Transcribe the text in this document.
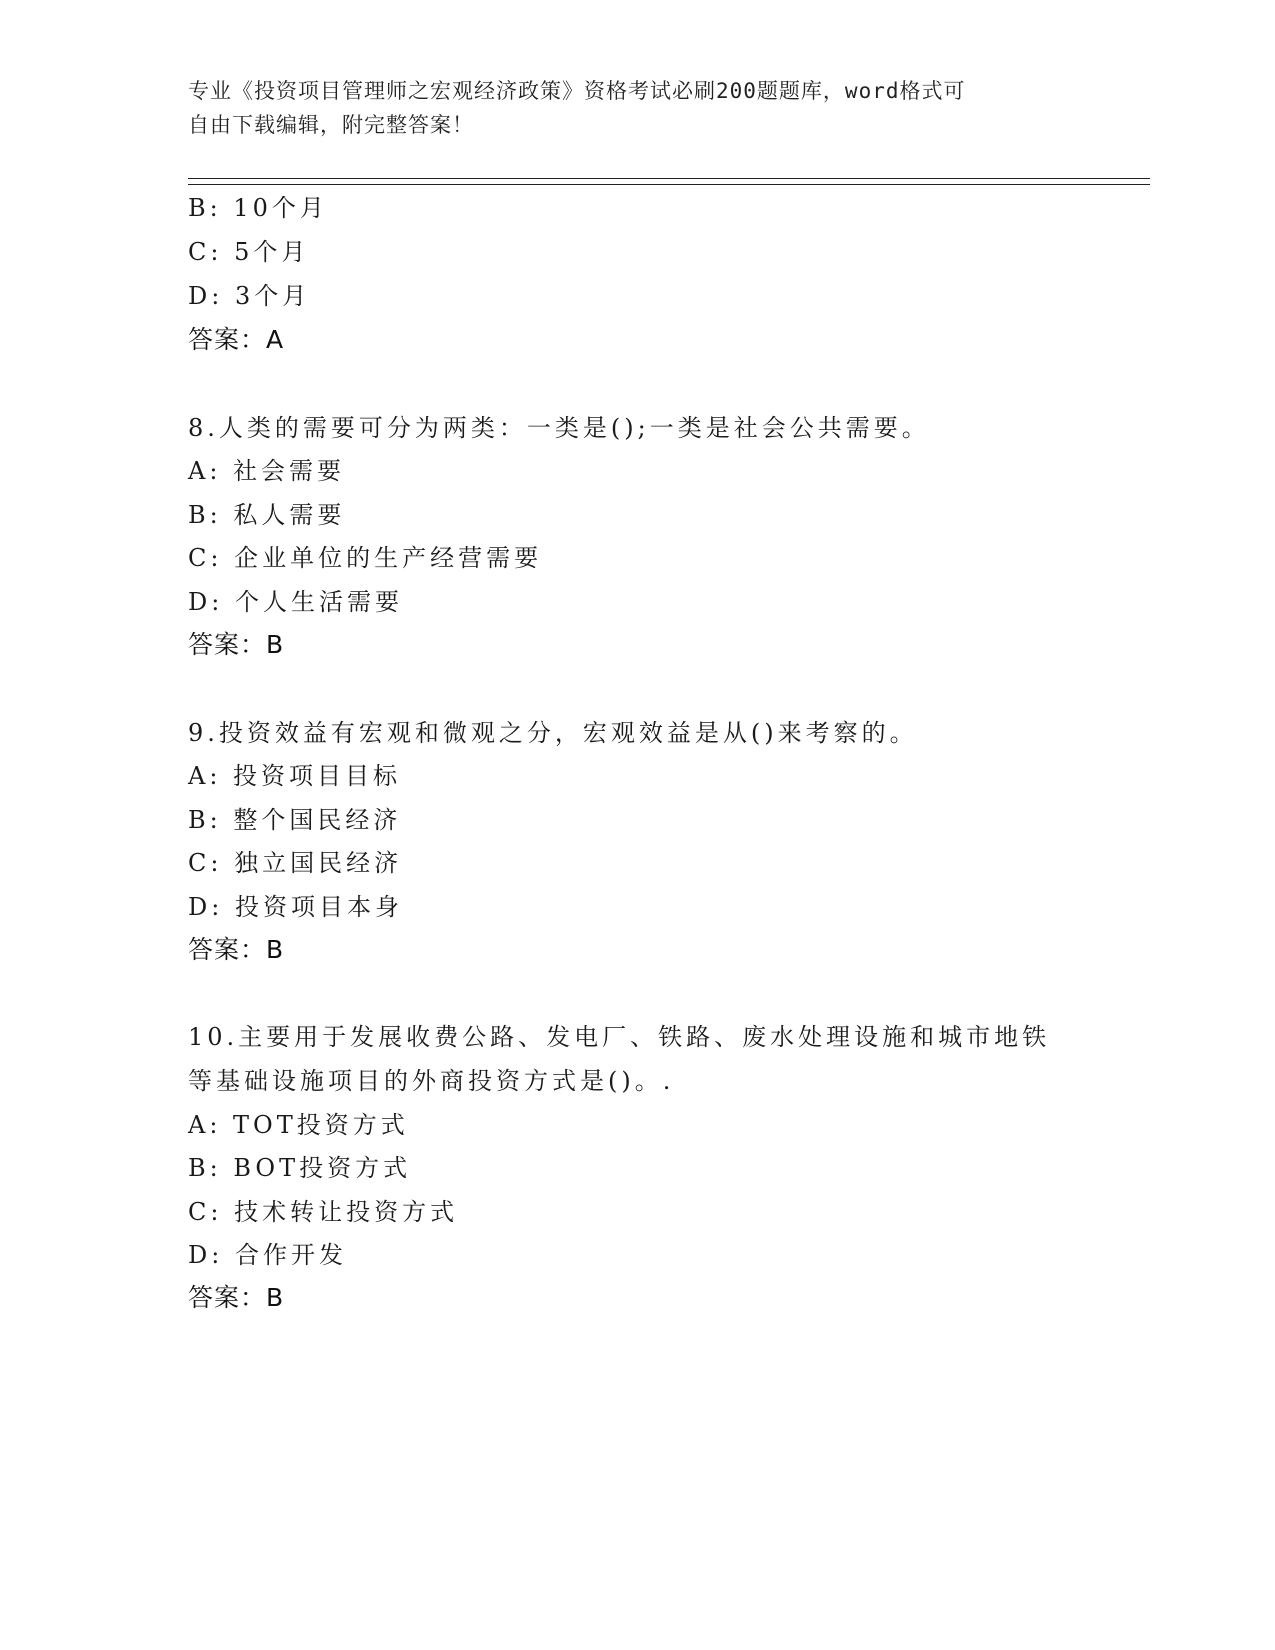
专业《投资项目管理师之宏观经济政策》资格考试必刷200题题库，word格式可
自由下载编辑，附完整答案！
B: 10个月
C: 5个月
D: 3个月
答案：A
8.人类的需要可分为两类：一类是();一类是社会公共需要。
A: 社会需要
B: 私人需要
C: 企业单位的生产经营需要
D: 个人生活需要
答案：B
9.投资效益有宏观和微观之分，宏观效益是从()来考察的。
A: 投资项目目标
B: 整个国民经济
C: 独立国民经济
D: 投资项目本身
答案：B
10.主要用于发展收费公路、发电厂、铁路、废水处理设施和城市地铁
等基础设施项目的外商投资方式是()。.
A: TOT投资方式
B: BOT投资方式
C: 技术转让投资方式
D: 合作开发
答案：B
